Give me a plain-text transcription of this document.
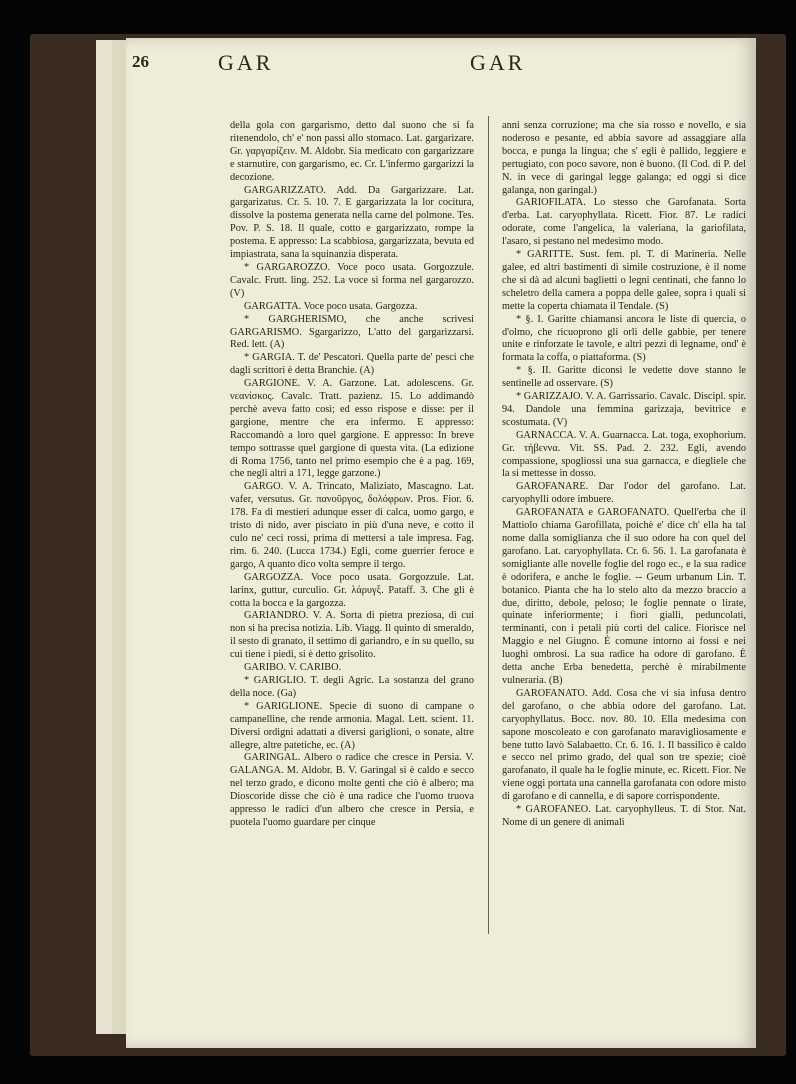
26	GAR	GAR

della gola con gargarismo, detto dal suono che si fa ritenendolo, ch' e' non passi allo stomaco. Lat. gargarizare. Gr. γαργαρίζειν. M. Aldobr. Sia medicato con gargarizzare e starnutire, con gargarismo, ec. Cr. L'infermo gargarizzi la decozione.

GARGARIZZATO. Add. Da Gargarizzare. Lat. gargarizatus. Cr. 5. 10. 7. E gargarizzata la lor cocitura, dissolve la postema generata nella carne del polmone. Tes. Pov. P. S. 18. Il quale, cotto e gargarizzato, rompe la postema. E appresso: La scabbiosa, gargarizzata, bevuta ed impiastrata, sana la squinanzia disperata.

* GARGAROZZO. Voce poco usata. Gorgozzule. Cavalc. Frutt. ling. 252. La voce si forma nel gargarozzo. (V)

GARGATTA. Voce poco usata. Gargozza.

* GARGHERISMO, che anche scrivesi GARGARISMO. Sgargarizzo, L'atto del gargarizzarsi. Red. lett. (A)

* GARGIA. T. de' Pescatori. Quella parte de' pesci che dagli scrittori è detta Branchie. (A)

GARGIONE. V. A. Garzone. Lat. adolescens. Gr. νεανίσκος. Cavalc. Tratt. pazienz. 15. Lo addimandò perchè aveva fatto così; ed esso rispose e disse: per il gargione, mentre che era infermo. E appresso: Raccomandò a loro quel gargione. E appresso: In breve tempo sottrasse quel gargione di questa vita. (La edizione di Roma 1756, tanto nel primo esempio che è a pag. 169, che negli altri a 171, legge garzone.)

GARGO. V. A. Trincato, Maliziato, Mascagno. Lat. vafer, versutus. Gr. πανοῦργος, δολόφρων. Pros. Fior. 6. 178. Fa di mestieri adunque esser di calca, uomo gargo, e tristo di nido, aver pisciato in più d'una neve, e cotto il culo ne' ceci rossi, prima di mettersi a tale impresa. Fag. rim. 6. 240. (Lucca 1734.) Egli, come guerrier feroce e gargo, A quanto dico volta sempre il tergo.

GARGOZZA. Voce poco usata. Gorgozzule. Lat. larinx, guttur, curculio. Gr. λάρυγξ. Pataff. 3. Che gli è cotta la bocca e la gargozza.

GARIANDRO. V. A. Sorta di pietra preziosa, di cui non si ha precisa notizia. Lib. Viagg. Il quinto di smeraldo, il sesto di granato, il settimo di gariandro, e in su quello, su cui tiene i piedi, si è detto grisolito.

GARIBO. V. CARIBO.

* GARIGLIO. T. degli Agric. La sostanza del grano della noce. (Ga)

* GARIGLIONE. Specie di suono di campane o campanelline, che rende armonia. Magal. Lett. scient. 11. Diversi ordigni adattati a diversi gariglioni, o sonate, altre allegre, altre patetiche, ec. (A)

GARINGAL. Albero o radice che cresce in Persia. V. GALANGA. M. Aldobr. B. V. Garingal si è caldo e secco nel terzo grado, e dicono molte genti che ciò è albero; ma Dioscoride disse che ciò è una radice che l'uomo truova appresso le radici d'un albero che cresce in Persia, e puotela l'uomo guardare per cinque

anni senza corruzione; ma che sia rosso e novello, e sia noderoso e pesante, ed abbia savore ad assaggiare alla bocca, e punga la lingua; che s' egli è pallido, leggiere e pertugiato, con poco savore, non è buono. (Il Cod. di P. del N. in vece di garingal legge galanga; ed oggi si dice galanga, non garingal.)

GARIOFILATA. Lo stesso che Garofanata. Sorta d'erba. Lat. caryophyllata. Ricett. Fior. 87. Le radici odorate, come l'angelica, la valeriana, la gariofilata, l'asaro, si pestano nel medesimo modo.

* GARITTE. Sust. fem. pl. T. di Marineria. Nelle galee, ed altri bastimenti di simile costruzione, è il nome che si dà ad alcuni baglietti o legni centinati, che fanno lo scheletro della camera a poppa delle galee, sopra i quali si mette la coperta chiamata il Tendale. (S)

* §. I. Garitte chiamansi ancora le liste di quercia, o d'olmo, che ricuoprono gli orli delle gabbie, per tenere unite e rinforzate le tavole, e altri pezzi di legname, ond' è formata la coffa, o piattaforma. (S)

* §. II. Garitte diconsi le vedette dove stanno le sentinelle ad osservare. (S)

* GARIZZAJO. V. A. Garrissario. Cavalc. Discipl. spir. 94. Dandole una femmina garizzaja, bevitrice e scostumata. (V)

GARNACCA. V. A. Guarnacca. Lat. toga, exophorium. Gr. τήβεννα. Vit. SS. Pad. 2. 232. Egli, avendo compassione, spogliossi una sua garnacca, e diegliele che la si mettesse in dosso.

GAROFANARE. Dar l'odor del garofano. Lat. caryophylli odore imbuere.

GAROFANATA e GAROFANATO. Quell'erba che il Mattiolo chiama Garofillata, poichè e' dice ch' ella ha tal nome dalla somiglianza che il suo odore ha con quel del garofano. Lat. caryophyllata. Cr. 6. 56. 1. La garofanata è somigliante alle novelle foglie del rogo ec., e la sua radice è odorifera, e anche le foglie. -- Geum urbanum Lin. T. botanico. Pianta che ha lo stelo alto da mezzo braccio a due, diritto, debole, peloso; le foglie pennate o lirate, quinate inferiormente; i fiori gialli, peduncolati, terminanti, con i petali più corti del calice. Fiorisce nel Maggio e nel Giugno. È comune intorno ai fossi e nei luoghi ombrosi. La sua radice ha odore di garofano. È detta anche Erba benedetta, perchè è mirabilmente vulneraria. (B)

GAROFANATO. Add. Cosa che vi sia infusa dentro del garofano, o che abbia odore del garofano. Lat. caryophyllatus. Bocc. nov. 80. 10. Ella medesima con sapone moscoleato e con garofanato maravigliosamente e bene tutto lavò Salabaetto. Cr. 6. 16. 1. Il bassilico è caldo e secco nel primo grado, del qual son tre spezie; cioè garofanato, il quale ha le foglie minute, ec. Ricett. Fior. Ne viene oggi portata una cannella garofanata con odore misto di garofano e di cannella, e di sapore corrispondente.

* GAROFANEO. Lat. caryophylleus. T. di Stor. Nat. Nome di un genere di animali
